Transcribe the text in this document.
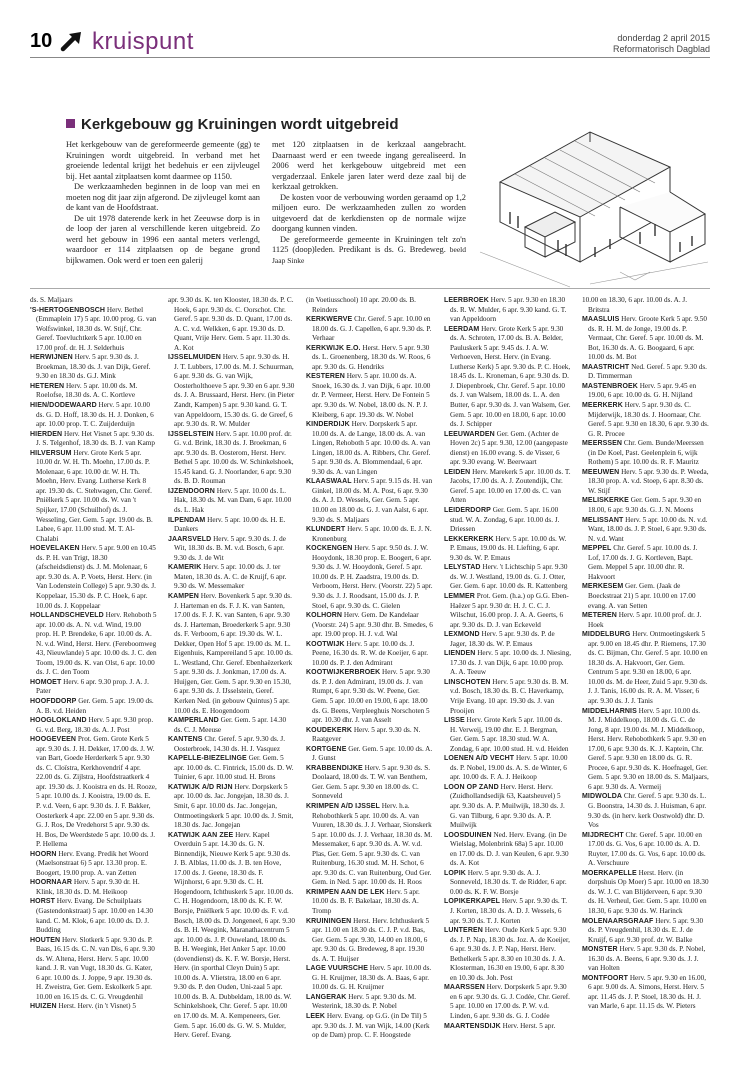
10 kruispunt	donderdag 2 april 2015
Reformatorisch Dagblad
Kerkgebouw gg Kruiningen wordt uitgebreid

Het kerkgebouw van de gereformeerde gemeente (gg) te Kruiningen wordt uitgebreid. In verband met het groeiende ledental krijgt het bedehuis er een zijvleugel bij. Het aantal zitplaatsen komt daarmee op 1150.

De werkzaamheden beginnen in de loop van mei en moeten nog dit jaar zijn afgerond. De zijvleugel komt aan de kant van de Hoofdstraat.

De uit 1978 daterende kerk in het Zeeuwse dorp is in de loop der jaren al verschillende keren uitgebreid. Zo werd het gebouw in 1996 een aantal meters verlengd, waardoor er 114 zitplaatsen op de begane grond bijkwamen. Ook werd er toen een galerij

met 120 zitplaatsen in de kerkzaal aangebracht. Daarnaast werd er een tweede ingang gerealiseerd. In 2006 werd het kerkgebouw uitgebreid met een vergaderzaal. Enkele jaren later werd deze zaal bij de kerkzaal getrokken.

De kosten voor de verbouwing worden geraamd op 1,2 miljoen euro. De werkzaamheden zullen zo worden uitgevoerd dat de kerkdiensten op de normale wijze doorgang kunnen vinden.

De gereformeerde gemeente in Kruiningen telt zo'n 1125 (doop)leden. Predikant is ds. G. Bredeweg. beeld Jaap Sinke

ds. S. Maljaars

'S-HERTOGENBOSCH Herv. Bethel (Emmaplein 17) 5 apr. 10.00 prog. G. van Wolfswinkel, 18.30 ds. W. Stijf, Chr. Geref. Toevluchtkerk 5 apr. 10.00 en 17.00 prof. dr. H. J. Selderhuis

HERWIJNEN Herv. 5 apr. 9.30 ds. J. Broekman, 18.30 ds. J. van Dijk, Geref. 9.30 en 18.30 ds. G.J. Mink

HETEREN Herv. 5 apr. 10.00 ds. M. Roelofse, 18.30 ds. A. C. Kortleve

HIEN/DODEWAARD Herv. 5 apr. 10.00 ds. G. D. Hoff, 18.30 ds. H. J. Donken, 6 apr. 10.00 prop. T. C. Zuijderduijn

HIERDEN Herv. Het Visnet 5 apr. 9.30 ds. J. S. Telgenhof, 18.30 ds. B. J. van Kamp

HILVERSUM Herv. Grote Kerk 5 apr. 10.00 dr. W. H. Th. Moehn, 17.00 ds. P. Molenaar, 6 apr. 10.00 dr. W. H. Th. Moehn, Herv. Evang. Lutherse Kerk 8 apr. 19.30 ds. C. Stehwagen, Chr. Geref. Pniëlkerk 5 apr. 10.00 ds. W. van 't Spijker, 17.00 (Schuilhof) ds. J. Wesseling, Ger. Gem. 5 apr. 19.00 ds. B. Labee, 6 apr. 11.00 stud. M. T. Al-Chalabi

HOEVELAKEN Herv. 5 apr. 9.00 en 10.45 ds. P. H. van Trigt, 18.30 (afscheidsdienst) ds. J. M. Molenaar, 6 apr. 9.30 ds. A. P. Voets, Herst. Herv. (in Van Lodenstein College) 5 apr. 9.30 ds. J. Koppelaar, 15.30 ds. P. C. Hoek, 6 apr. 10.00 ds. J. Koppelaar

HOLLANDSCHEVELD Herv. Rehoboth 5 apr. 10.00 ds. A. N. v.d. Wind, 19.00 prop. H. P. Brendeke, 6 apr. 10.00 ds. A. N. v.d. Wind, Herst. Herv. (Fereboomweg 43, Nieuwlande) 5 apr. 10.00 ds. J. C. den Toom, 19.00 ds. K. van Olst, 6 apr. 10.00 ds. J. C. den Toom

HOMOET Herv. 6 apr. 9.30 prop. J. A. J. Pater

HOOFDDORP Ger. Gem. 5 apr. 19.00 ds. A. B. v.d. Heiden

HOOGLOKLAND Herv. 5 apr. 9.30 prop. G. v.d. Berg, 18.30 ds. A. J. Post

HOOGEVEEN Prot. Gem. Grote Kerk 5 apr. 9.30 ds. J. H. Dekker, 17.00 ds. J. W. van Bart, Goede Herderkerk 5 apr. 9.30 ds. C. Cloïstra, Kerkhovendrif 4 apr. 22.00 ds. G. Zijlstra, Hoofdstraatkerk 4 apr. 19.30 ds. J. Kooistra en ds. H. Rooze, 5 apr. 10.00 ds. J. Kooistra, 19.00 ds. E. P. v.d. Veen, 6 apr. 9.30 ds. J. F. Bakker, Oosterkerk 4 apr. 22.00 en 5 apr. 9.30 ds. G. J. Ros, De Vredehorst 5 apr. 9.30 ds. H. Bos, De Weerdstede 5 apr. 10.00 ds. J. P. Hellema

HOORN Herv. Evang. Predik het Woord (Maelsonstraat 6) 5 apr. 13.30 prop. E. Boogert, 19.00 prop. A. van Zetten

HOORNAAR Herv. 5 apr. 9.30 dr. H. Klink, 18.30 ds. D. M. Heikoop

HORST Herv. Evang. De Schuilplaats (Gastendonkstraat) 5 apr. 10.00 en 14.30 kand. C. M. Klok, 6 apr. 10.00 ds. D. J. Budding

HOUTEN Herv. Slotkerk 5 apr. 9.30 ds. P. Baas, 16.15 ds. C. N. van Dis, 6 apr. 9.30 ds. W. Altena, Herst. Herv. 5 apr. 10.00 kand. J. R. van Vugt, 18.30 ds. G. Kater, 6 apr. 10.00 ds. J. Joppe, 9 apr. 19.30 ds. H. Zweistra, Ger. Gem. Eskolkerk 5 apr. 10.00 en 16.15 ds. C. G. Vreugdenhil

HUIZEN Herst. Herv. (in 't Visnet) 5

apr. 9.30 ds. K. ten Klooster, 18.30 ds. P. C. Hoek, 6 apr. 9.30 ds. C. Oorschot. Chr. Geref. 5 apr. 9.30 ds. D. Quant, 17.00 ds. A. C. v.d. Welkken, 6 apr. 19.30 ds. D. Quant, Vrije Herv. Gem. 5 apr. 11.30 ds. A. Kot

IJSSELMUIDEN Herv. 5 apr. 9.30 ds. H. J. T. Lubbers, 17.00 ds. M. J. Schuurman, 6 apr. 9.30 ds. G. van Wijk, Oosterholthoeve 5 apr. 9.30 en 6 apr. 9.30 ds. J. A. Brussaard, Herst. Herv. (in Pieter Zandt, Kampen) 5 apr. 9.30 kand. G. T. van Appeldoorn, 15.30 ds. G. de Greef, 6 apr. 9.30 ds. R. W. Mulder

IJSSELSTEIN Herv. 5 apr. 10.00 prof. dr. G. v.d. Brink, 18.30 ds. J. Broekman, 6 apr. 9.30 ds. B. Oosterom, Herst. Herv. Bethel 5 apr. 10.00 ds. W. Schinkelshoek, 15.45 kand. G. J. Noorlander, 6 apr. 9.30 ds. B. D. Rouman

IJZENDOORN Herv. 5 apr. 10.00 ds. L. Hak, 18.30 ds. M. van Dam, 6 apr. 10.00 ds. L. Hak

ILPENDAM Herv. 5 apr. 10.00 ds. H. E. Dankers

JAARSVELD Herv. 5 apr. 9.30 ds. J. de Wit, 18.30 ds. B. M. v.d. Bosch, 6 apr. 9.30 ds. J. de Wit

KAMERIK Herv. 5 apr. 10.00 ds. J. ter Maten, 18.30 ds. A. C. de Kruijf, 6 apr. 9.30 ds. W. Messemaker

KAMPEN Herv. Bovenkerk 5 apr. 9.30 ds. J. Harteman en ds. F. J. K. van Santen, 17.00 ds. F. J. K. van Santen, 6 apr. 9.30 ds. J. Harteman, Broederkerk 5 apr. 9.30 ds. F. Verboom, 6 apr. 19.30 ds. W. L. Dekker, Open Hof 5 apr. 19.00 ds. M. L. Eigenhuis, Kampereiland 5 apr. 10.00 ds. L. Westland, Chr. Geref. Ebenhaëzerkerk 5 apr. 9.30 ds. J. Jonkman, 17.00 ds. A. Huijgen, Ger. Gem. 5 apr. 9.30 en 15.30, 6 apr. 9.30 ds. J. IJsselstein, Geref. Kerken Ned. (in gebouw Quintus) 5 apr. 10.00 ds. E. Hoogendoorn

KAMPERLAND Ger. Gem. 5 apr. 14.30 ds. C. J. Meeuse

KANTENS Chr. Geref. 5 apr. 9.30 ds. J. Oosterbroek, 14.30 ds. H. J. Vasquez

KAPELLE-BIEZELINGE Ger. Gem. 5 apr. 10.00 ds. C. Fintrick, 15.00 ds. D. W. Tuinier, 6 apr. 10.00 stud. H. Brons

KATWIJK A/D RIJN Herv. Dorpskerk 5 apr. 10.00 ds. Jac. Jongejan, 18.30 ds. J. Smit, 6 apr. 10.00 ds. Jac. Jongejan, Ontmoetingskerk 5 apr. 10.00 ds. J. Smit, 18.30 ds. Jac. Jongejan

KATWIJK AAN ZEE Herv. Kapel Overduin 5 apr. 14.30 ds. G. N. Binnendijk, Nieuwe Kerk 5 apr. 9.30 ds. J. B. Alblas, 11.00 ds. J. B. ten Hove, 17.00 ds. J. Geene, 18.30 ds. F. Wijnhorst, 6 apr. 9.30 ds. C. H. Hogendoorn, Ichthuskerk 5 apr. 10.00 ds. C. H. Hogendoorn, 18.00 ds. K. F. W. Borsje, Pniëlkerk 5 apr. 10.00 ds. F. v.d. Bosch, 18.00 ds. D. Jongeneel, 6 apr. 9.30 ds. B. H. Weegink, Maranathacentrum 5 apr. 10.00 ds. J. P. Ouweland, 18.00 ds. B. H. Weegink, Het Anker 5 apr. 10.00 (dovendienst) ds. K. F. W. Borsje, Herst. Herv. (in sporthal Cleyn Duin) 5 apr. 10.00 ds. A. Vlietstra, 18.00 en 6 apr. 9.30 ds. P. den Ouden, Uni-zaal 5 apr. 10.00 ds. B. A. Dubbeldam, 18.00 ds. W. Schinkelshoek, Chr. Geref. 5 apr. 10.00 en 17.00 ds. M. A. Kempeneers, Ger. Gem. 5 apr. 16.00 ds. G. W. S. Mulder, Herv. Geref. Evang.

(in Voetiusschool) 10 apr. 20.00 ds. B. Reinders

KERKWERVE Chr. Geref. 5 apr. 10.00 en 18.00 ds. G. J. Capellen, 6 apr. 9.30 ds. P. Verhaar

KERKWIJK E.O. Herst. Herv. 5 apr. 9.30 ds. L. Groenenberg, 18.30 ds. W. Roos, 6 apr. 9.30 ds. G. Hendriks

KESTEREN Herv. 5 apr. 10.00 ds. A. Snoek, 16.30 ds. J. van Dijk, 6 apr. 10.00 dr. P. Vermeer, Herst. Herv. De Fontein 5 apr. 9.30 ds. W. Nobel, 18.00 ds. N. P. J. Kleiberg, 6 apr. 19.30 ds. W. Nobel

KINDERDIJK Herv. Dorpskerk 5 apr. 10.00 ds. A. de Lange, 18.00 ds. A. van Lingen, Rehoboth 5 apr. 10.00 ds. A. van Lingen, 18.00 ds. A. Ribbers, Chr. Geref. 5 apr. 9.30 ds. A. Blommendaal, 6 apr. 9.30 ds. A. van Lingen

KLAASWAAL Herv. 5 apr. 9.15 ds. H. van Ginkel, 18.00 ds. M. A. Post, 6 apr. 9.30 ds. A. J. D. Wessels, Ger. Gem. 5 apr. 10.00 en 18.00 ds. G. J. van Aalst, 6 apr. 9.30 ds. S. Maljaars

KLUNDERT Herv. 5 apr. 10.00 ds. E. J. N. Kronenburg

KOCKENGEN Herv. 5 apr. 9.50 ds. J. W. Hooydonk, 18.30 prop. E. Boogert, 6 apr. 9.30 ds. J. W. Hooydonk, Geref. 5 apr. 10.00 ds. P. H. Zaadstra, 19.00 ds. D. Verboom, Herst. Herv. (Voorstr. 22) 5 apr. 9.30 ds. J. J. Roodsant, 15.00 ds. J. P. Stoel, 6 apr. 9.30 ds. C. Gielen

KOLHORN Herv. Gem. De Kandelaar (Voorstr. 24) 5 apr. 9.30 dhr. B. Smedes, 6 apr. 19.00 prop. H. J. v.d. Wal

KOOTWIJK Herv. 5 apr. 10.00 ds. J. Peene, 16.30 ds. R. W. de Koeijer, 6 apr. 10.00 ds. P. J. den Admirant

KOOTWIJKERBROEK Herv. 5 apr. 9.30 ds. P. J. den Admirant, 19.00 ds. J. van Rumpt, 6 apr. 9.30 ds. W. Peene, Ger. Gem. 5 apr. 10.00 en 19.00, 6 apr. 18.00 ds. G. Beens, Verpleeghuis Norschoten 5 apr. 10.30 dhr. J. van Asselt

KOUDEKERK Herv. 5 apr. 9.30 ds. N. Raatgever

KORTGENE Ger. Gem. 5 apr. 10.00 ds. A. J. Gunst

KRABBENDIJKE Herv. 5 apr. 9.30 ds. S. Doolaard, 18.00 ds. T. W. van Benthem, Ger. Gem. 5 apr. 9.30 en 18.00 ds. C. Sonneveld

KRIMPEN A/D IJSSEL Herv. h.a. Rehobothkerk 5 apr. 10.00 ds. A. van Vuuren, 18.30 ds. J. J. Verhaar, Sionskerk 5 apr. 10.00 ds. J. J. Verhaar, 18.30 ds. M. Messemaker, 6 apr. 9.30 ds. A. W. v.d. Plas, Ger. Gem. 5 apr. 9.30 ds. C. van Ruitenburg, 16.30 stud. M. H. Schot, 6 apr. 9.30 ds. C. van Ruitenburg, Oud Ger. Gem. in Ned. 5 apr. 10.00 ds. H. Roos

KRIMPEN AAN DE LEK Herv. 5 apr. 10.00 ds. B. F. Bakelaar, 18.30 ds. A. Tromp

KRUININGEN Herst. Herv. Ichthuskerk 5 apr. 11.00 en 18.30 ds. C. J. P. v.d. Bas, Ger. Gem. 5 apr. 9.30, 14.00 en 18.00, 6 apr. 9.30 ds. G. Bredeweg, 8 apr. 19.30 ds. A. T. Huijser

LAGE VUURSCHE Herv. 5 apr. 10.00 ds. G. H. Kruijmer, 18.30 ds. A. Baas, 6 apr. 10.00 ds. G. H. Kruijmer

LANGERAK Herv. 5 apr. 9.30 ds. M. Westerink, 18.30 ds. P. Nobel

LEEK Herv. Evang. op G.G. (in De Til) 5 apr. 9.30 ds. J. M. van Wijk, 14.00 (Kerk op de Dam) prop. C. F. Hoogstede

LEERBROEK Herv. 5 apr. 9.30 en 18.30 ds. R. W. Mulder, 6 apr. 9.30 kand. G. T. van Appeldoorn

LEERDAM Herv. Grote Kerk 5 apr. 9.30 ds. A. Schroten, 17.00 ds. B. A. Belder, Pauluskerk 5 apr. 9.45 ds. J. A. W. Verhoeven, Herst. Herv. (in Evang. Lutherse Kerk) 5 apr. 9.30 ds. P. C. Hoek, 18.45 ds. L. Kroneman, 6 apr. 9.30 ds. D. J. Diepenbroek, Chr. Geref. 5 apr. 10.00 ds. J. van Walsem, 18.00 ds. L. A. den Butter, 6 apr. 9.30 ds. J. van Walsem, Ger. Gem. 5 apr. 10.00 en 18.00, 6 apr. 10.00 ds. J. Schipper

LEEUWARDEN Ger. Gem. (Achter de Hoven 2c) 5 apr. 9.30, 12.00 (aangepaste dienst) en 16.00 evang. S. de Visser, 6 apr. 9.30 evang. W. Beerwaart

LEIDEN Herv. Marekerk 5 apr. 10.00 ds. T. Jacobs, 17.00 ds. A. J. Zoutendijk, Chr. Geref. 5 apr. 10.00 en 17.00 ds. C. van Atten

LEIDERDORP Ger. Gem. 5 apr. 16.00 stud. W. A. Zondag, 6 apr. 10.00 ds. J. Driessen

LEKKERKERK Herv. 5 apr. 10.00 ds. W. P. Emaus, 19.00 ds. H. Liefting, 6 apr. 9.30 ds. W. P. Emaus

LELYSTAD Herv. 't Lichtschip 5 apr. 9.30 ds. W. J. Westland, 19.00 ds. G. J. Otter, Ger. Gem. 6 apr. 10.00 ds. R. Kattenberg

LEMMER Prot. Gem. (h.a.) op G.G. Eben-Haëzer 5 apr. 9.30 dr. H. J. C. C. J. Wilschut, 16.00 prop. J. A. A. Geerts, 6 apr. 9.30 ds. D. J. van Eckeveld

LEXMOND Herv. 5 apr. 9.30 ds. P. de Jager, 18.30 ds. W. P. Emaus

LIENDEN Herv. 5 apr. 10.00 ds. J. Niesing, 17.30 ds. J. van Dijk, 6 apr. 10.00 prop. A. A. Teeuw

LINSCHOTEN Herv. 5 apr. 9.30 ds. B. M. v.d. Bosch, 18.30 ds. B. C. Haverkamp, Vrije Evang. 10 apr. 19.30 ds. J. van Prooijen

LISSE Herv. Grote Kerk 5 apr. 10.00 ds. H. Verweij, 19.00 dhr. E. J. Bergman, Ger. Gem. 5 apr. 18.30 stud. W. A. Zondag, 6 apr. 10.00 stud. H. v.d. Heiden

LOENEN A/D VECHT Herv. 5 apr. 10.00 ds. P. Nobel, 19.00 ds. A. S. de Winter, 6 apr. 10.00 ds. F. A. J. Heikoop

LOON OP ZAND Herv. Herst. Herv. (Zuidhollandsedijk 63, Kaatsheuvel) 5 apr. 9.30 ds. A. P. Muilwijk, 18.30 ds. J. G. van Tilburg, 6 apr. 9.30 ds. A. P. Muilwijk

LOOSDUINEN Ned. Herv. Evang. (in De Wielslag, Molenbrink 68a) 5 apr. 10.00 en 17.00 ds. D. J. van Keulen, 6 apr. 9.30 ds. A. Kot

LOPIK Herv. 5 apr. 9.30 ds. A. J. Sonneveld, 18.30 ds. T. de Ridder, 6 apr. 0.00 ds. K. F. W. Borsje

LOPIKERKAPEL Herv. 5 apr. 9.30 ds. T. J. Korten, 18.30 ds. A. D. J. Wessels, 6 apr. 9.30 ds. T. J. Korten

LUNTEREN Herv. Oude Kerk 5 apr. 9.30 ds. J. P. Nap, 18.30 ds. Joz. A. de Koeijer, 6 apr. 9.30 ds. J. P. Nap, Herst. Herv. Bethelkerk 5 apr. 8.30 en 10.30 ds. J. A. Klosterman, 16.30 en 19.00, 6 apr. 8.30 en 10.30 ds. Joh. Post

MAARSSEN Herv. Dorpskerk 5 apr. 9.30 en 6 apr. 9.30 ds. G. J. Codée, Chr. Geref. 5 apr. 10.00 en 17.00 ds. P. W. v.d. Linden, 6 apr. 9.30 ds. G. J. Codée

MAARTENSDIJK Herv. Herst. 5 apr.

10.00 en 18.30, 6 apr. 10.00 ds. A. J. Britstra

MAASLUIS Herv. Groote Kerk 5 apr. 9.50 ds. R. H. M. de Jonge, 19.00 ds. P. Vermaat, Chr. Geref. 5 apr. 10.00 ds. M. Bot, 16.30 ds. A. G. Boogaard, 6 apr. 10.00 ds. M. Bot

MAASTRICHT Ned. Geref. 5 apr. 9.30 ds. D. Timmerman

MASTENBROEK Herv. 5 apr. 9.45 en 19.00, 6 apr. 10.00 ds. G. H. Nijland

MEERKERK Herv. 5 apr. 9.30 ds. C. Mijderwijk, 18.30 ds. J. Hoornaar, Chr. Geref. 5 apr. 9.30 en 18.30, 6 apr. 9.30 ds. G. R. Procee

MEERSSEN Chr. Gem. Bunde/Meerssen (in De Koel, Past. Geelenplein 6, wijk Rothem) 5 apr. 10.00 ds. R. F. Mauritz

MEEUWEN Herv. 5 apr. 9.30 ds. P. Weeda, 18.30 prop. A. v.d. Stoep, 6 apr. 8.30 ds. W. Stijf

MELISKERKE Ger. Gem. 5 apr. 9.30 en 18.00, 6 apr. 9.30 ds. G. J. N. Moens

MELISSANT Herv. 5 apr. 10.00 ds. N. v.d. Want, 18.00 ds. J. P. Stoel, 6 apr. 9.30 ds. N. v.d. Want

MEPPEL Chr. Geref. 5 apr. 10.00 ds. J. Lof, 17.00 ds. J. G. Kortleven, Bapt. Gem. Meppel 5 apr. 10.00 dhr. R. Hakvoort

MERKESEM Ger. Gem. (Jaak de Boeckstraat 21) 5 apr. 10.00 en 17.00 evang. A. van Setten

METEREN Herv. 5 apr. 10.00 prof. dr. J. Hoek

MIDDELBURG Herv. Ontmoetingskerk 5 apr. 9.00 en 18.45 dhr. P. Riemens, 17.30 ds. C. Bijman, Chr. Geref. 5 apr. 10.00 en 18.30 ds. A. Hakvoort, Ger. Gem. Centrum 5 apr. 9.30 en 18.00, 6 apr. 10.00 ds. M. de Heer, Zuid 5 apr. 9.30 ds. J. J. Tanis, 16.00 ds. R. A. M. Visser, 6 apr. 9.30 ds. J. J. Tanis

MIDDELHARNIS Herv. 5 apr. 10.00 ds. M. J. Middelkoop, 18.00 ds. G. C. de Jong, 8 apr. 19.00 ds. M. J. Middelkoop, Herst. Herv. Rehobothkerk 5 apr. 9.30 en 17.00, 6 apr. 9.30 ds. K. J. Kaptein, Chr. Geref. 5 apr. 9.30 en 18.00 ds. G. R. Procee, 6 apr. 9.30 ds. K. Hoefnagel, Ger. Gem. 5 apr. 9.30 en 18.00 ds. S. Maljaars, 6 apr. 9.30 ds. A. Vermeij

MIDWOLDA Chr. Geref. 5 apr. 9.30 ds. L. G. Boonstra, 14.30 ds. J. Huisman, 6 apr. 9.30 ds. (in herv. kerk Oostwold) dhr. D. Vos

MIJDRECHT Chr. Geref. 5 apr. 10.00 en 17.00 ds. G. Vos, 6 apr. 10.00 ds. A. D. Ruyter, 17.00 ds. G. Vos, 6 apr. 10.00 ds. A. Verschuure

MOERKAPELLE Herst. Herv. (in dorpshuis Op Moer) 5 apr. 10.00 en 18.30 ds. W. J. C. van Blijderveen, 6 apr. 9.30 ds. H. Verheul, Ger. Gem. 5 apr. 10.00 en 18.30, 6 apr. 9.30 ds. W. Harinck

MOLENAARSGRAAF Herv. 5 apr. 9.30 ds. P. Vreugdenhil, 18.30 ds. E. J. de Kruijf, 6 apr. 9.30 prof. dr. W. Balke

MONSTER Herv. 5 apr. 9.30 ds. P. Nobel, 16.30 ds. A. Beens, 6 apr. 9.30 ds. J. J. van Holten

MONTFOORT Herv. 5 apr. 9.30 en 16.00, 6 apr. 9.00 ds. A. Simons, Herst. Herv. 5 apr. 11.45 ds. J. P. Stoel, 18.30 ds. H. J. van Marle, 6 apr. 11.15 ds. W. Pieters
